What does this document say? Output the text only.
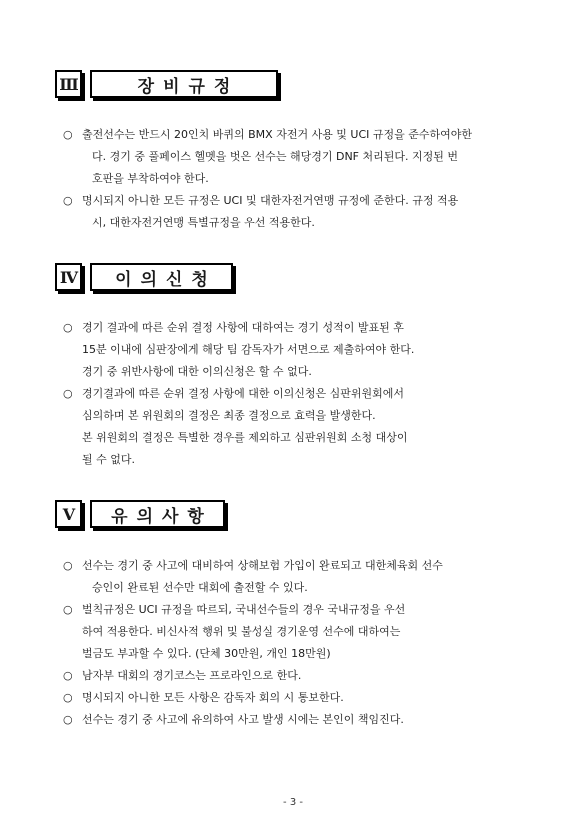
Ⅲ	장비규정
○ 출전선수는 반드시 20인치 바퀴의 BMX 자전거 사용 및 UCI 규정을 준수하여야한
다. 경기 중 풀페이스 헬멧을 벗은 선수는 해당경기 DNF 처리된다. 지정된 번
호판을 부착하여야 한다.
○ 명시되지 아니한 모든 규정은 UCI 및 대한자전거연맹 규정에 준한다. 규정 적용
시, 대한자전거연맹 특별규정을 우선 적용한다.
Ⅳ	이의신청
○ 경기 결과에 따른 순위 결정 사항에 대하여는 경기 성적이 발표된 후
15분 이내에 심판장에게 해당 팀 감독자가 서면으로 제출하여야 한다.
경기 중 위반사항에 대한 이의신청은 할 수 없다.
○ 경기결과에 따른 순위 결정 사항에 대한 이의신청은 심판위원회에서
심의하며 본 위원회의 결정은 최종 결정으로 효력을 발생한다.
본 위원회의 결정은 특별한 경우를 제외하고 심판위원회 소청 대상이
될 수 없다.
Ⅴ	유의사항
○ 선수는 경기 중 사고에 대비하여 상해보험 가입이 완료되고 대한체육회 선수
승인이 완료된 선수만 대회에 출전할 수 있다.
○ 벌칙규정은 UCI 규정을 따르되, 국내선수들의 경우 국내규정을 우선
하여 적용한다. 비신사적 행위 및 불성실 경기운영 선수에 대하여는
벌금도 부과할 수 있다. (단체 30만원, 개인 18만원)
○ 남자부 대회의 경기코스는 프로라인으로 한다.
○ 명시되지 아니한 모든 사항은 감독자 회의 시 통보한다.
○ 선수는 경기 중 사고에 유의하여 사고 발생 시에는 본인이 책임진다.
- 3 -
